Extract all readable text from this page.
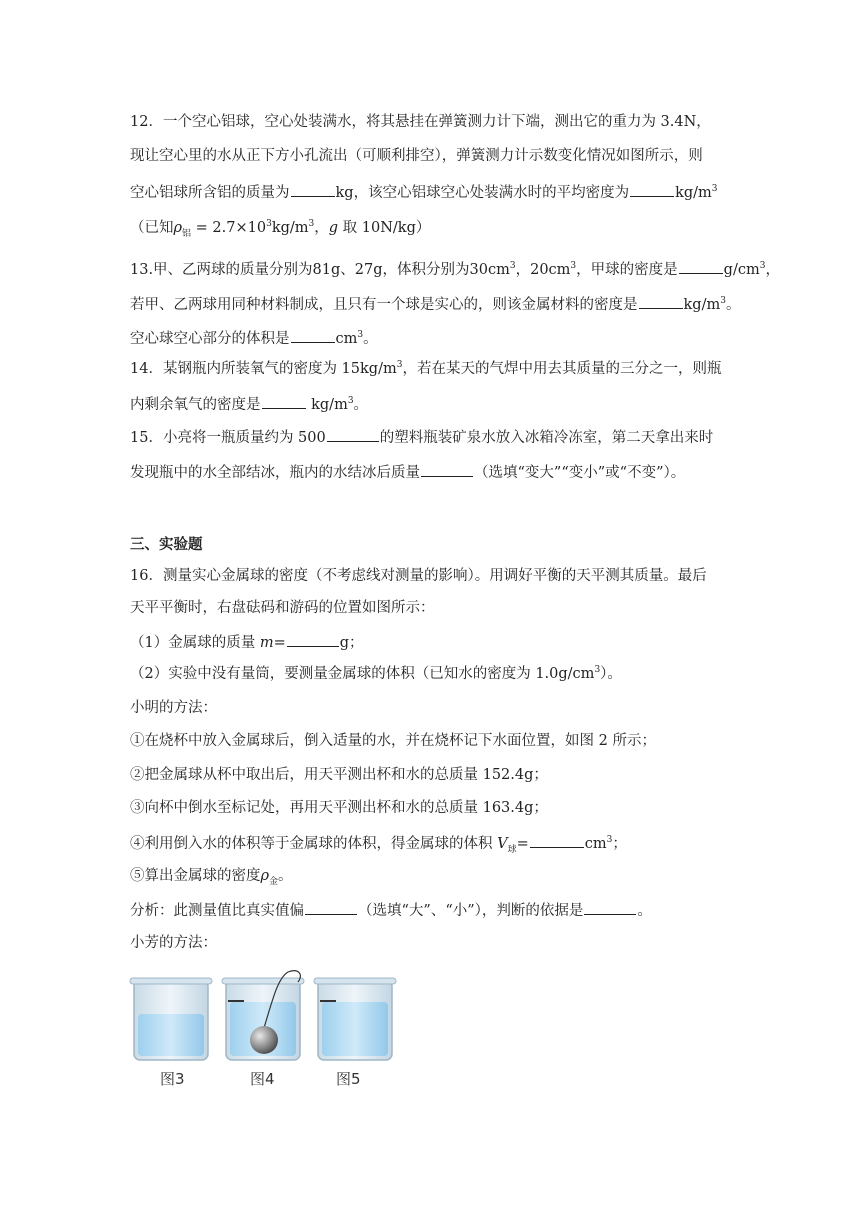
12．一个空心铝球，空心处装满水，将其悬挂在弹簧测力计下端，测出它的重力为 3.4N，
现让空心里的水从正下方小孔流出（可顺利排空），弹簧测力计示数变化情况如图所示，则
空心铝球所含铝的质量为	kg，该空心铝球空心处装满水时的平均密度为	$kg/m^3$
（已知$\rho_铝 = 2.7\times 10^3kg/m^3$，g 取 10N/kg）
13.甲、乙两球的质量分别为81g、27g，体积分别为$30cm^3$，$20cm^3$，甲球的密度是	$g/cm^3$，
若甲、乙两球用同种材料制成，且只有一个球是实心的，则该金属材料的密度是	$kg/m^3$。
空心球空心部分的体积是	$cm^3$。
14．某钢瓶内所装氧气的密度为 $15kg/m^3$，若在某天的气焊中用去其质量的三分之一，则瓶
内剩余氧气的密度是	$kg/m^3$。
15．小亮将一瓶质量约为 500	的塑料瓶装矿泉水放入冰箱冷冻室，第二天拿出来时
发现瓶中的水全部结冰，瓶内的水结冰后质量	（选填“变大”“变小”或“不变”）。
三、实验题
16．测量实心金属球的密度（不考虑线对测量的影响）。用调好平衡的天平测其质量。最后
天平平衡时，右盘砝码和游码的位置如图所示：
（1）金属球的质量 m=	g；
（2）实验中没有量筒，要测量金属球的体积（已知水的密度为 $1.0g/cm^3$）。
小明的方法：
①在烧杯中放入金属球后，倒入适量的水，并在烧杯记下水面位置，如图 2 所示；
②把金属球从杯中取出后，用天平测出杯和水的总质量 152.4g；
③向杯中倒水至标记处，再用天平测出杯和水的总质量 163.4g；
④利用倒入水的体积等于金属球的体积，得金属球的体积 $V_球=$	$cm^3$；
⑤算出金属球的密度$\rho_金$。
分析：此测量值比真实值偏	（选填“大”、“小”），判断的依据是	。
小芳的方法：
图3	图4	图5
